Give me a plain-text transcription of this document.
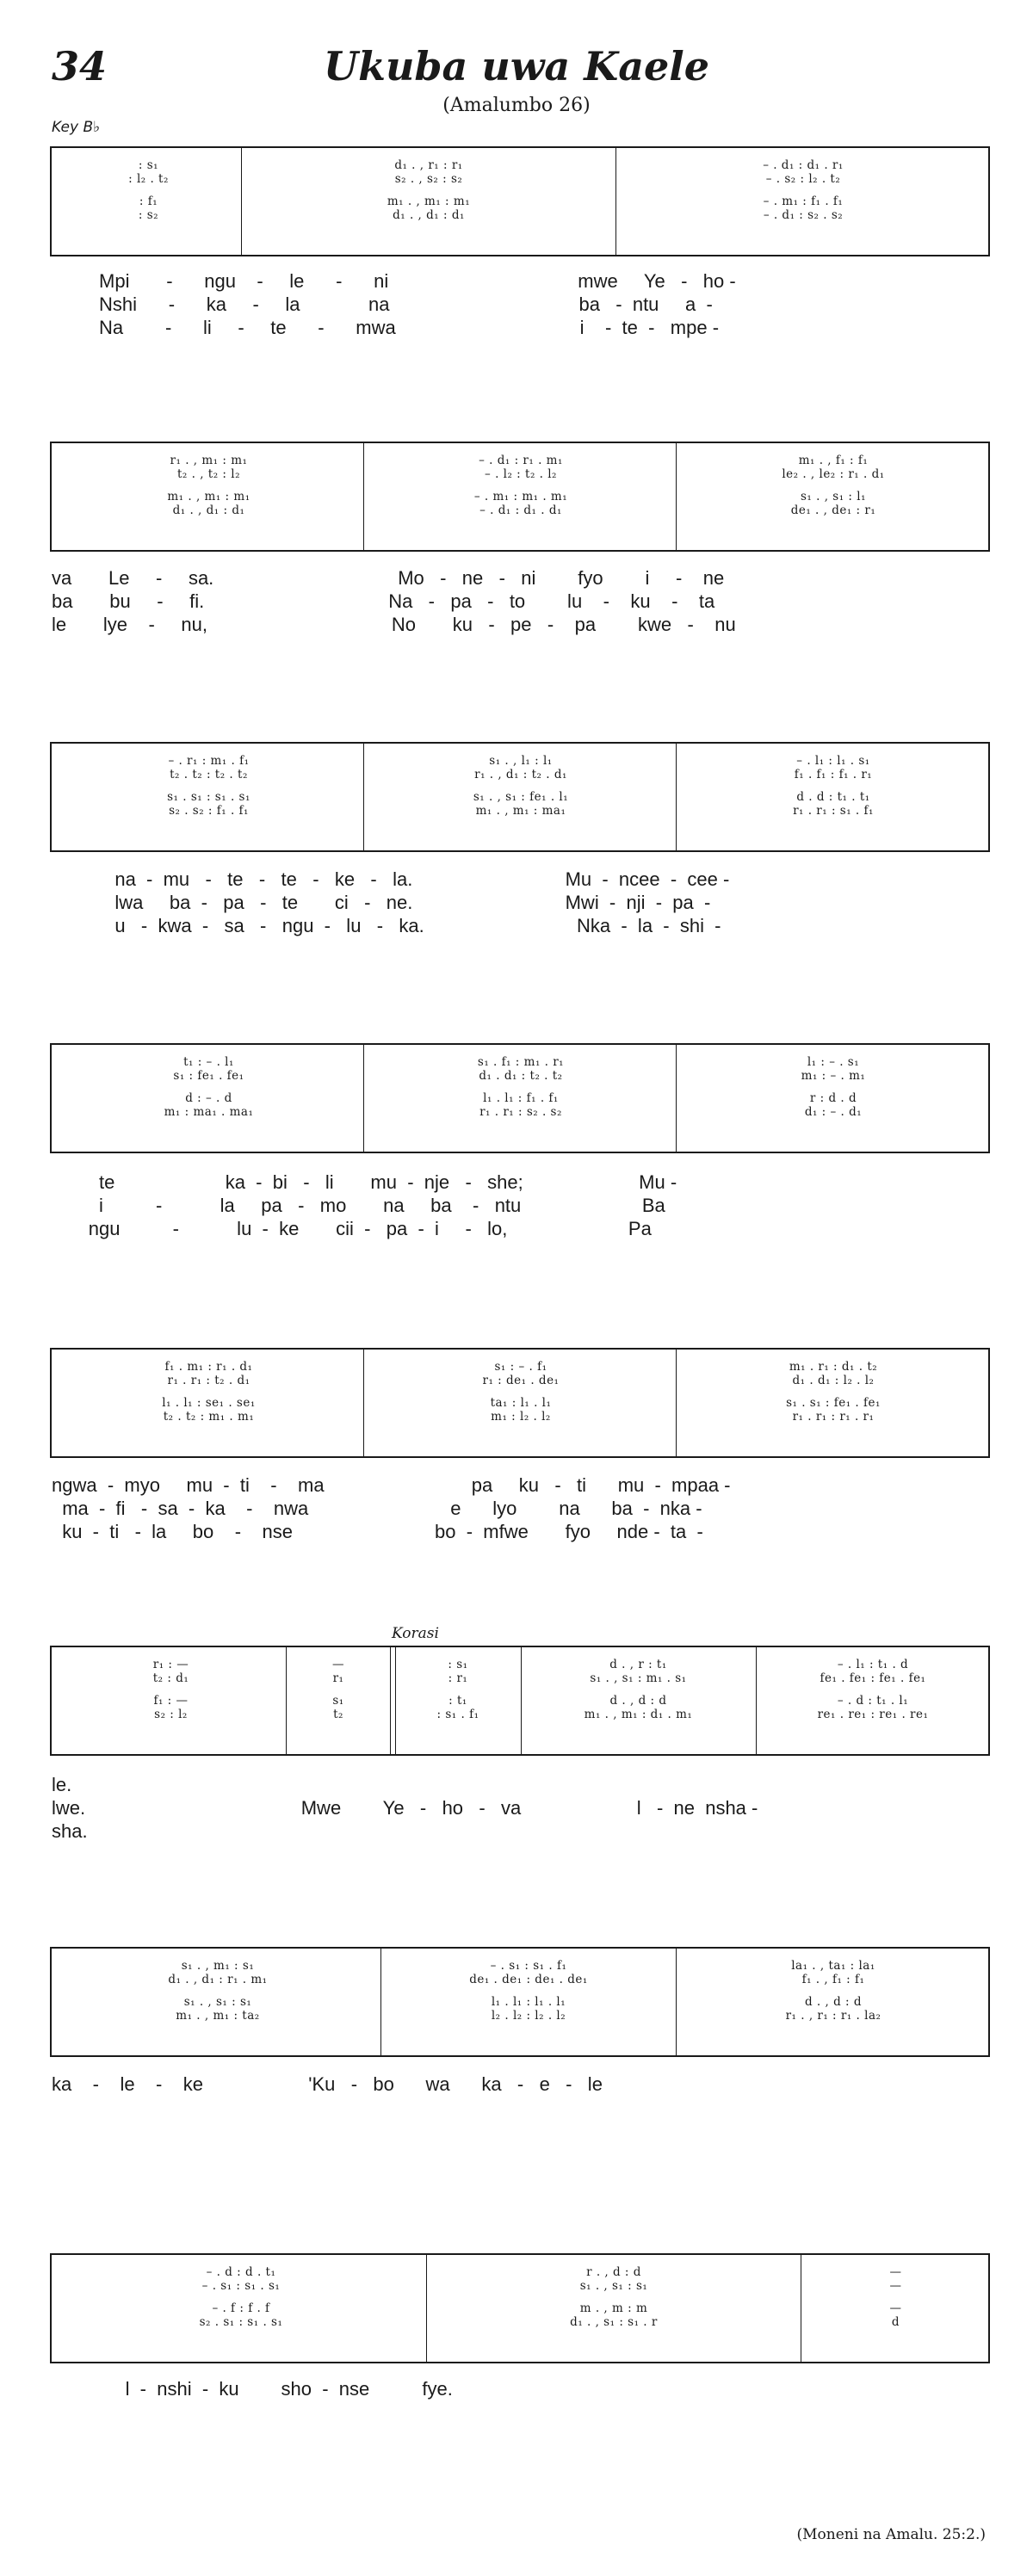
34	Ukuba uwa Kaele
(Amalumbo 26)
Key B♭
: s₁
: l₂ . t₂
: f₁
: s₂
d₁ . , r₁ : r₁
s₂ . , s₂ : s₂
m₁ . , m₁ : m₁
d₁ . , d₁ : d₁
– . d₁ : d₁ . r₁
– . s₂ : l₂ . t₂
– . m₁ : f₁ . f₁
– . d₁ : s₂ . s₂
Mpi       -      ngu    -     le      -      ni                                    mwe     Ye   -   ho -
Nshi      -      ka     -     la             na                                    ba   -  ntu     a  -
Na        -      li     -     te      -      mwa                                   i    -  te  -   mpe -
r₁ . , m₁ : m₁
t₂ . , t₂ : l₂
m₁ . , m₁ : m₁
d₁ . , d₁ : d₁
– . d₁ : r₁ . m₁
– . l₂ : t₂ . l₂
– . m₁ : m₁ . m₁
– . d₁ : d₁ . d₁
m₁ . , f₁ : f₁
le₂ . , le₂ : r₁ . d₁
s₁ . , s₁ : l₁
de₁ . , de₁ : r₁
va       Le     -     sa.                                   Mo   -   ne   -   ni        fyo        i     -    ne
ba       bu     -     fi.                                   Na   -   pa   -   to        lu    -    ku    -    ta
le       lye    -     nu,                                   No       ku   -   pe   -    pa        kwe   -    nu
– . r₁ : m₁ . f₁
t₂ . t₂ : t₂ . t₂
s₁ . s₁ : s₁ . s₁
s₂ . s₂ : f₁ . f₁
s₁ . , l₁ : l₁
r₁ . , d₁ : t₂ . d₁
s₁ . , s₁ : fe₁ . l₁
m₁ . , m₁ : ma₁
– . l₁ : l₁ . s₁
f₁ . f₁ : f₁ . r₁
d . d : t₁ . t₁
r₁ . r₁ : s₁ . f₁
na  -  mu   -   te   -   te   -   ke   -   la.                             Mu  -  ncee  -  cee -
lwa     ba  -   pa   -   te       ci   -   ne.                             Mwi  -  nji  -  pa  -
u   -  kwa  -   sa   -   ngu  -   lu   -   ka.                             Nka  -  la  -  shi  -
t₁ : – . l₁
s₁ : fe₁ . fe₁
d : – . d
m₁ : ma₁ . ma₁
s₁ . f₁ : m₁ . r₁
d₁ . d₁ : t₂ . t₂
l₁ . l₁ : f₁ . f₁
r₁ . r₁ : s₂ . s₂
l₁ : – . s₁
m₁ : – . m₁
r : d . d
d₁ : – . d₁
te                     ka  -  bi   -   li       mu  -  nje   -   she;                      Mu -
i          -           la     pa   -   mo       na     ba    -   ntu                       Ba
ngu          -           lu  -  ke       cii  -   pa  -  i     -   lo,                       Pa
f₁ . m₁ : r₁ . d₁
r₁ . r₁ : t₂ . d₁
l₁ . l₁ : se₁ . se₁
t₂ . t₂ : m₁ . m₁
s₁ : – . f₁
r₁ : de₁ . de₁
ta₁ : l₁ . l₁
m₁ : l₂ . l₂
m₁ . r₁ : d₁ . t₂
d₁ . d₁ : l₂ . l₂
s₁ . s₁ : fe₁ . fe₁
r₁ . r₁ : r₁ . r₁
ngwa  -  myo     mu  -  ti    -    ma                            pa     ku   -   ti      mu  -  mpaa -
ma  -  fi   -  sa  -  ka    -    nwa                           e      lyo        na      ba  -  nka -
ku  -  ti   -  la     bo    -    nse                           bo  -  mfwe       fyo     nde -  ta  -
Korasi
r₁ : —
t₂ : d₁
f₁ : —
s₂ : l₂
—
r₁
s₁
t₂
: s₁
: r₁
: t₁
: s₁ . f₁
d . , r : t₁
s₁ . , s₁ : m₁ . s₁
d . , d : d
m₁ . , m₁ : d₁ . m₁
– . l₁ : t₁ . d
fe₁ . fe₁ : fe₁ . fe₁
– . d : t₁ . l₁
re₁ . re₁ : re₁ . re₁
le.
lwe.                                         Mwe        Ye   -   ho   -   va                      l   -  ne  nsha -
sha.
s₁ . , m₁ : s₁
d₁ . , d₁ : r₁ . m₁
s₁ . , s₁ : s₁
m₁ . , m₁ : ta₂
– . s₁ : s₁ . f₁
de₁ . de₁ : de₁ . de₁
l₁ . l₁ : l₁ . l₁
l₂ . l₂ : l₂ . l₂
la₁ . , ta₁ : la₁
f₁ . , f₁ : f₁
d . , d : d
r₁ . , r₁ : r₁ . la₂
ka    -    le    -    ke                    'Ku   -   bo      wa      ka   -   e   -   le
– . d : d . t₁
– . s₁ : s₁ . s₁
– . f : f . f
s₂ . s₁ : s₁ . s₁
r . , d : d
s₁ . , s₁ : s₁
m . , m : m
d₁ . , s₁ : s₁ . r
—
—
—
d
l  -  nshi  -  ku        sho  -  nse          fye.
(Moneni na Amalu. 25:2.)
